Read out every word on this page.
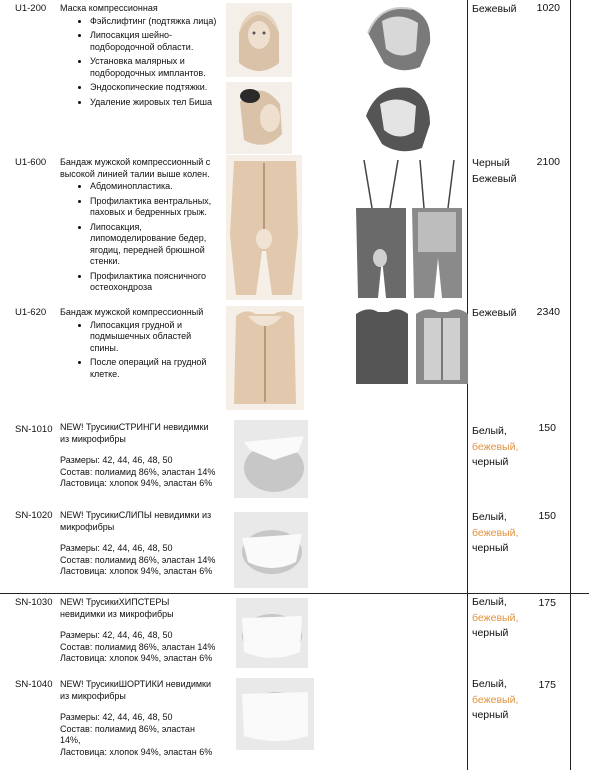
U1-200 Маска компрессионная
• Фэйслифтинг (подтяжка лица)
• Липосакция шейно-подбородочной области.
• Установка малярных и подбородочных имплантов.
• Эндоскопические подтяжки.
• Удаление жировых тел Биша
Бежевый	1020
U1-600 Бандаж мужской компрессионный с высокой линией талии выше колен.
• Абдоминопластика.
• Профилактика вентральных, паховых и бедренных грыж.
• Липосакция, липомоделирование бедер, ягодиц, передней брюшной стенки.
• Профилактика поясничного остеохондроза
Черный
Бежевый
2100
U1-620 Бандаж мужской компрессионный
• Липосакция грудной и подмышечных областей спины.
• После операций на грудной клетке.
Бежевый	2340
SN-1010 NEW! ТрусикиСТРИНГИ невидимки из микрофибры
Размеры: 42, 44, 46, 48, 50
Состав: полиамид 86%, эластан 14%
Ластовица: хлопок 94%, эластан 6%
Белый,
бежевый,
черный
150
SN-1020 NEW! ТрусикиСЛИПЫ невидимки из микрофибры
Размеры: 42, 44, 46, 48, 50
Состав: полиамид 86%, эластан 14%
Ластовица: хлопок 94%, эластан 6%
Белый,
бежевый,
черный
150
SN-1030 NEW! ТрусикиХИПСТЕРЫ невидимки из микрофибры
Размеры: 42, 44, 46, 48, 50
Состав: полиамид 86%, эластан 14%
Ластовица: хлопок 94%, эластан 6%
Белый,
бежевый,
черный
175
SN-1040 NEW! ТрусикиШОРТИКИ невидимки из микрофибры
Размеры: 42, 44, 46, 48, 50
Состав: полиамид 86%, эластан 14%,
Ластовица: хлопок 94%, эластан 6%
Белый,
бежевый,
черный
175
